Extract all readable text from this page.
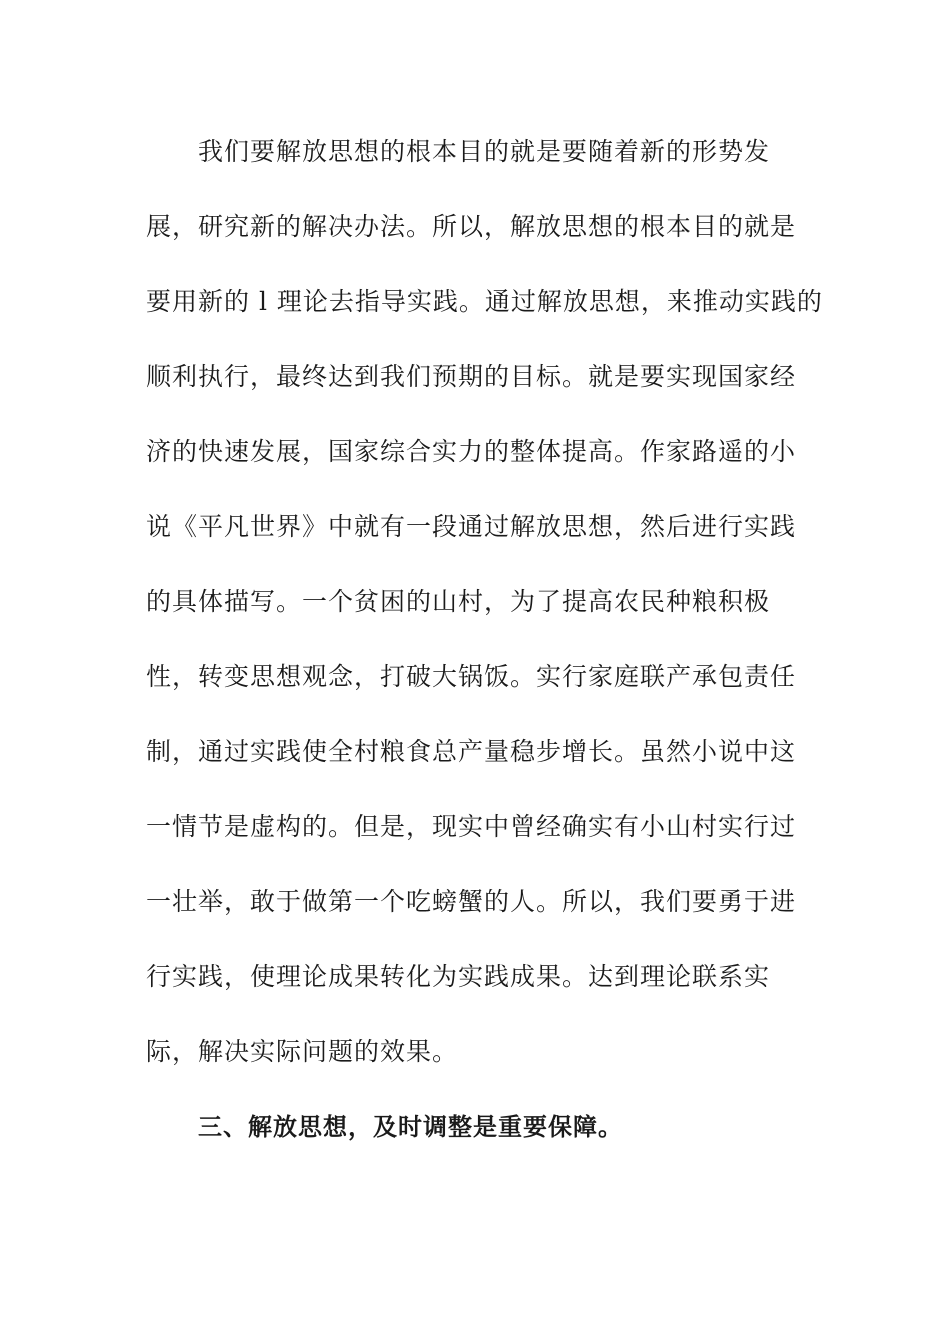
我们要解放思想的根本目的就是要随着新的形势发
展，研究新的解决办法。所以，解放思想的根本目的就是
要用新的 l 理论去指导实践。通过解放思想，来推动实践的
顺利执行，最终达到我们预期的目标。就是要实现国家经
济的快速发展，国家综合实力的整体提高。作家路遥的小
说《平凡世界》中就有一段通过解放思想，然后进行实践
的具体描写。一个贫困的山村，为了提高农民种粮积极
性，转变思想观念，打破大锅饭。实行家庭联产承包责任
制，通过实践使全村粮食总产量稳步增长。虽然小说中这
一情节是虚构的。但是，现实中曾经确实有小山村实行过
一壮举，敢于做第一个吃螃蟹的人。所以，我们要勇于进
行实践，使理论成果转化为实践成果。达到理论联系实
际，解决实际问题的效果。
三、解放思想，及时调整是重要保障。
